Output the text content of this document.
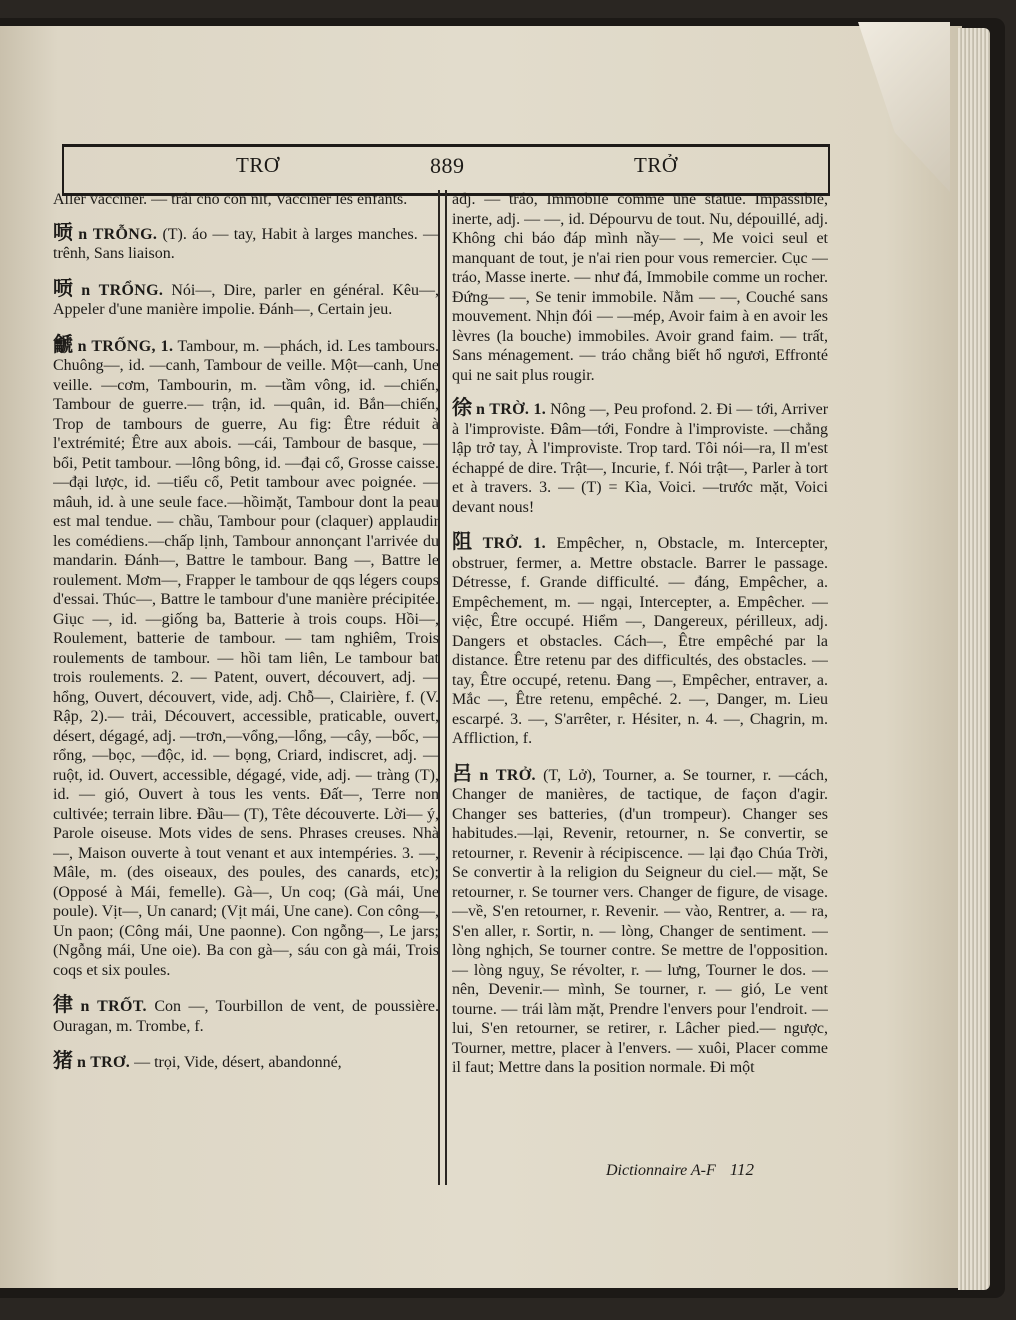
TRƠ	889	TRỞ
Aller vacciner. — trái cho con nít, Vacciner les enfants.
唝 n TRỖNG. (T). áo — tay, Habit à larges manches. — trênh, Sans liaison.
唝 n TRỔNG. Nói—, Dire, parler en général. Kêu—, Appeler d'une manière impolie. Đánh—, Certain jeu.
䶵 n TRỐNG, 1. Tambour, m. —phách, id. Les tambours. Chuông—, id. —canh, Tambour de veille. Một—canh, Une veille. —cơm, Tambourin, m. —tầm vông, id. —chiến, Tambour de guerre.— trận, id. —quân, id. Bắn—chiến, Trop de tambours de guerre, Au fig: Être réduit à l'extrémité; Être aux abois. —cái, Tambour de basque, —bổi, Petit tambour. —lông bông, id. —đại cổ, Grosse caisse. —đại lược, id. —tiểu cổ, Petit tambour avec poignée. —mâuh, id. à une seule face.—hồimặt, Tambour dont la peau est mal tendue. — chầu, Tambour pour (claquer) applaudir les comédiens.—chấp lịnh, Tambour annonçant l'arrivée du mandarin. Đánh—, Battre le tambour. Bang —, Battre le roulement. Mơm—, Frapper le tambour de qqs légers coups d'essai. Thúc—, Battre le tambour d'une manière précipitée. Giục —, id. —giống ba, Batterie à trois coups. Hồi—, Roulement, batterie de tambour. — tam nghiêm, Trois roulements de tambour. — hồi tam liên, Le tambour bat trois roulements. 2. — Patent, ouvert, découvert, adj. — hổng, Ouvert, découvert, vide, adj. Chỗ—, Clairière, f. (V. Rập, 2).— trải, Découvert, accessible, praticable, ouvert, désert, dégagé, adj. —trơn,—vổng,—lổng, —cây, —bốc, —rổng, —bọc, —độc, id. — bọng, Criard, indiscret, adj. —ruột, id. Ouvert, accessible, dégagé, vide, adj. — tràng (T), id. — gió, Ouvert à tous les vents. Đất—, Terre non cultivée; terrain libre. Đầu— (T), Tête découverte. Lời— ý, Parole oiseuse. Mots vides de sens. Phrases creuses. Nhà —, Maison ouverte à tout venant et aux intempéries. 3. —, Mâle, m. (des oiseaux, des poules, des canards, etc); (Opposé à Mái, femelle). Gà—, Un coq; (Gà mái, Une poule). Vịt—, Un canard; (Vịt mái, Une cane). Con công—, Un paon; (Công mái, Une paonne). Con ngỗng—, Le jars; (Ngỗng mái, Une oie). Ba con gà—, sáu con gà mái, Trois coqs et six poules.
律 n TRỐT. Con —, Tourbillon de vent, de poussière. Ouragan, m. Trombe, f.
猪 n TRƠ. — trọi, Vide, désert, abandonné,
adj. — tráo, Immobile comme une statue. Impassible, inerte, adj. — —, id. Dépourvu de tout. Nu, dépouillé, adj. Không chi báo đáp mình nầy— —, Me voici seul et manquant de tout, je n'ai rien pour vous remercier. Cục — tráo, Masse inerte. — như đá, Immobile comme un rocher. Đứng— —, Se tenir immobile. Nằm — —, Couché sans mouvement. Nhịn đói — —mép, Avoir faim à en avoir les lèvres (la bouche) immobiles. Avoir grand faim. — trất, Sans ménagement. — tráo chẳng biết hổ ngươi, Effronté qui ne sait plus rougir.
徐 n TRỜ. 1. Nông —, Peu profond. 2. Đi — tới, Arriver à l'improviste. Đâm—tới, Fondre à l'improviste. —chẳng lập trở tay, À l'improviste. Trop tard. Tôi nói—ra, Il m'est échappé de dire. Trật—, Incurie, f. Nói trật—, Parler à tort et à travers. 3. — (T) = Kìa, Voici. —trước mặt, Voici devant nous!
阻 TRỞ. 1. Empêcher, n, Obstacle, m. Intercepter, obstruer, fermer, a. Mettre obstacle. Barrer le passage. Détresse, f. Grande difficulté. — đáng, Empêcher, a. Empêchement, m. — ngại, Intercepter, a. Empêcher. — việc, Être occupé. Hiểm —, Dangereux, périlleux, adj. Dangers et obstacles. Cách—, Être empêché par la distance. Être retenu par des difficultés, des obstacles. —tay, Être occupé, retenu. Đang —, Empêcher, entraver, a. Mắc —, Être retenu, empêché. 2. —, Danger, m. Lieu escarpé. 3. —, S'arrêter, r. Hésiter, n. 4. —, Chagrin, m. Affliction, f.
呂 n TRỞ. (T, Lở), Tourner, a. Se tourner, r. —cách, Changer de manières, de tactique, de façon d'agir. Changer ses batteries, (d'un trompeur). Changer ses habitudes.—lại, Revenir, retourner, n. Se convertir, se retourner, r. Revenir à récipiscence. — lại đạo Chúa Trời, Se convertir à la religion du Seigneur du ciel.— mặt, Se retourner, r. Se tourner vers. Changer de figure, de visage.—về, S'en retourner, r. Revenir. — vào, Rentrer, a. — ra, S'en aller, r. Sortir, n. — lòng, Changer de sentiment. — lòng nghịch, Se tourner contre. Se mettre de l'opposition. — lòng nguỵ, Se révolter, r. — lưng, Tourner le dos. — nên, Devenir.— mình, Se tourner, r. — gió, Le vent tourne. — trái làm mặt, Prendre l'envers pour l'endroit. — lui, S'en retourner, se retirer, r. Lâcher pied.— ngược, Tourner, mettre, placer à l'envers. — xuôi, Placer comme il faut; Mettre dans la position normale. Đi một
Dictionnaire A-F 112
